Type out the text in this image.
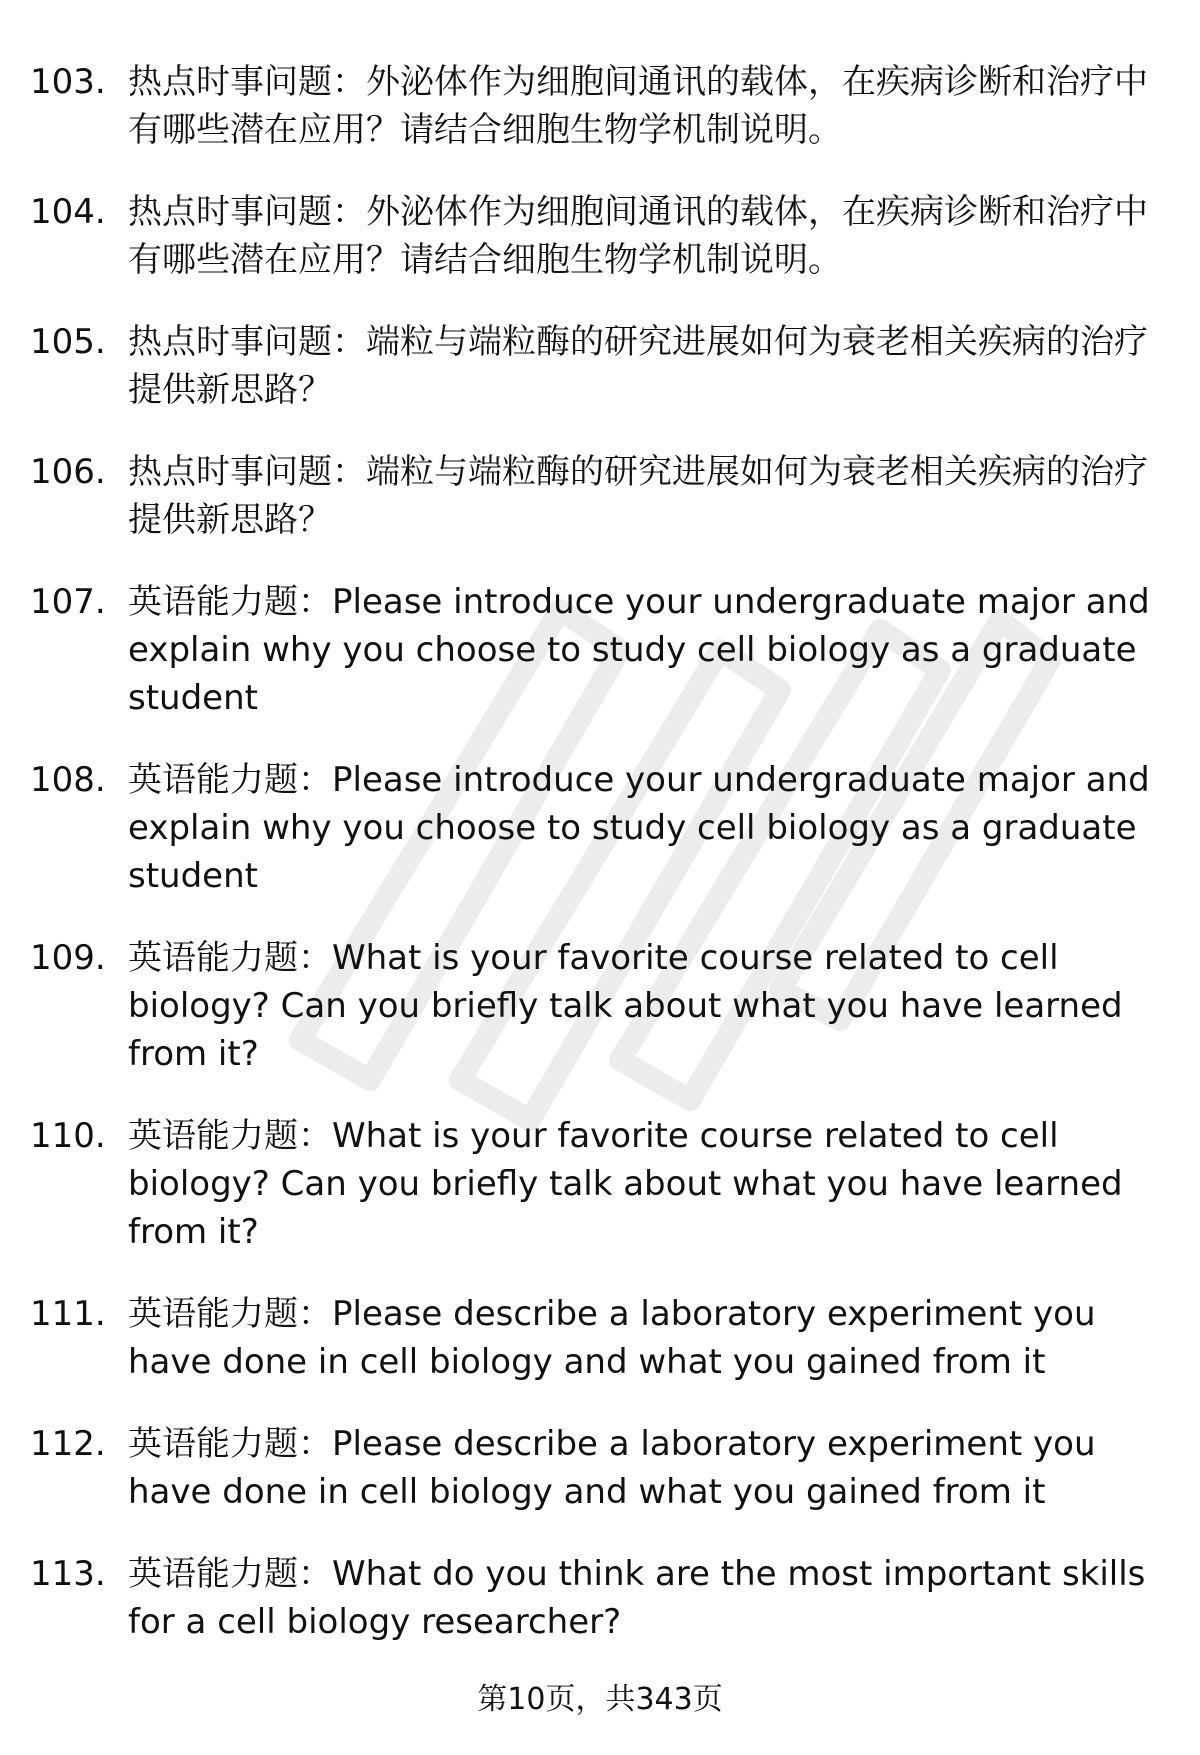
103. 热点时事问题：外泌体作为细胞间通讯的载体，在疾病诊断和治疗中有哪些潜在应用？请结合细胞生物学机制说明。
104. 热点时事问题：外泌体作为细胞间通讯的载体，在疾病诊断和治疗中有哪些潜在应用？请结合细胞生物学机制说明。
105. 热点时事问题：端粒与端粒酶的研究进展如何为衰老相关疾病的治疗提供新思路？
106. 热点时事问题：端粒与端粒酶的研究进展如何为衰老相关疾病的治疗提供新思路？
107. 英语能力题：Please introduce your undergraduate major and explain why you choose to study cell biology as a graduate student
108. 英语能力题：Please introduce your undergraduate major and explain why you choose to study cell biology as a graduate student
109. 英语能力题：What is your favorite course related to cell biology? Can you briefly talk about what you have learned from it?
110. 英语能力题：What is your favorite course related to cell biology? Can you briefly talk about what you have learned from it?
111. 英语能力题：Please describe a laboratory experiment you have done in cell biology and what you gained from it
112. 英语能力题：Please describe a laboratory experiment you have done in cell biology and what you gained from it
113. 英语能力题：What do you think are the most important skills for a cell biology researcher?
第10页，共343页
